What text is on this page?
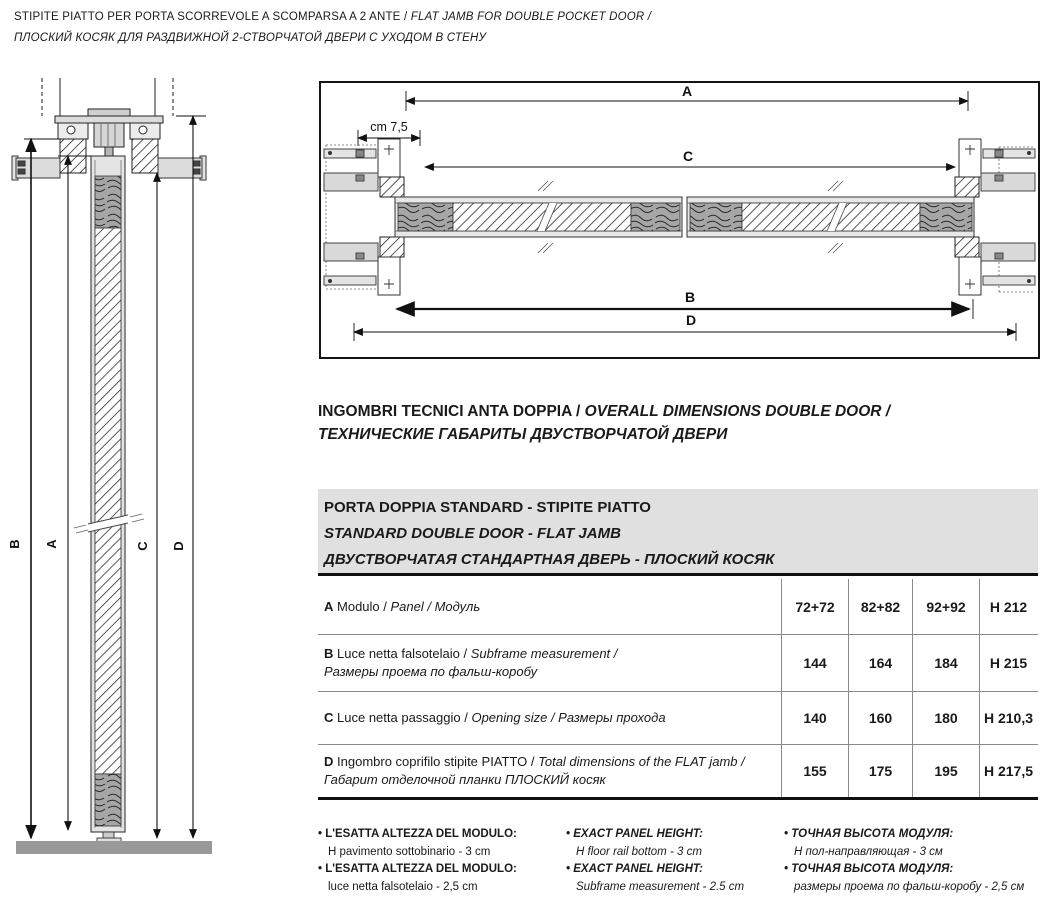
STIPITE PIATTO PER PORTA SCORREVOLE A SCOMPARSA A 2 ANTE / FLAT JAMB FOR DOUBLE POCKET DOOR /
ПЛОСКИЙ КОСЯК ДЛЯ РАЗДВИЖНОЙ 2-СТВОРЧАТОЙ ДВЕРИ С УХОДОМ В СТЕНУ
B A	C D
A
cm 7,5
C
B
D
INGOMBRI TECNICI ANTA DOPPIA / OVERALL DIMENSIONS DOUBLE DOOR /
ТЕХНИЧЕСКИЕ ГАБАРИТЫ ДВУСТВОРЧАТОЙ ДВЕРИ
PORTA DOPPIA STANDARD - STIPITE PIATTO
STANDARD DOUBLE DOOR - FLAT JAMB
ДВУСТВОРЧАТАЯ СТАНДАРТНАЯ ДВЕРЬ - ПЛОСКИЙ КОСЯК
A Modulo / Panel / Модуль	72+72	82+82	92+92	H 212
B Luce netta falsotelaio / Subframe measurement /
Размеры проема по фальш-коробу
144	164	184	H 215
C Luce netta passaggio / Opening size / Размеры прохода	140	160	180	H 210,3
D Ingombro coprifilo stipite PIATTO / Total dimensions of the FLAT jamb /
Габарит отделочной планки ПЛОСКИЙ косяк
155	175	195	H 217,5
• L'ESATTA ALTEZZA DEL MODULO:
H pavimento sottobinario - 3 cm
• L'ESATTA ALTEZZA DEL MODULO:
luce netta falsotelaio - 2,5 cm
• EXACT PANEL HEIGHT:
H floor rail bottom - 3 cm
• EXACT PANEL HEIGHT:
Subframe measurement - 2.5 cm
• ТОЧНАЯ ВЫСОТА МОДУЛЯ:
Н пол-направляющая - 3 см
• ТОЧНАЯ ВЫСОТА МОДУЛЯ:
размеры проема по фальш-коробу - 2,5 см
